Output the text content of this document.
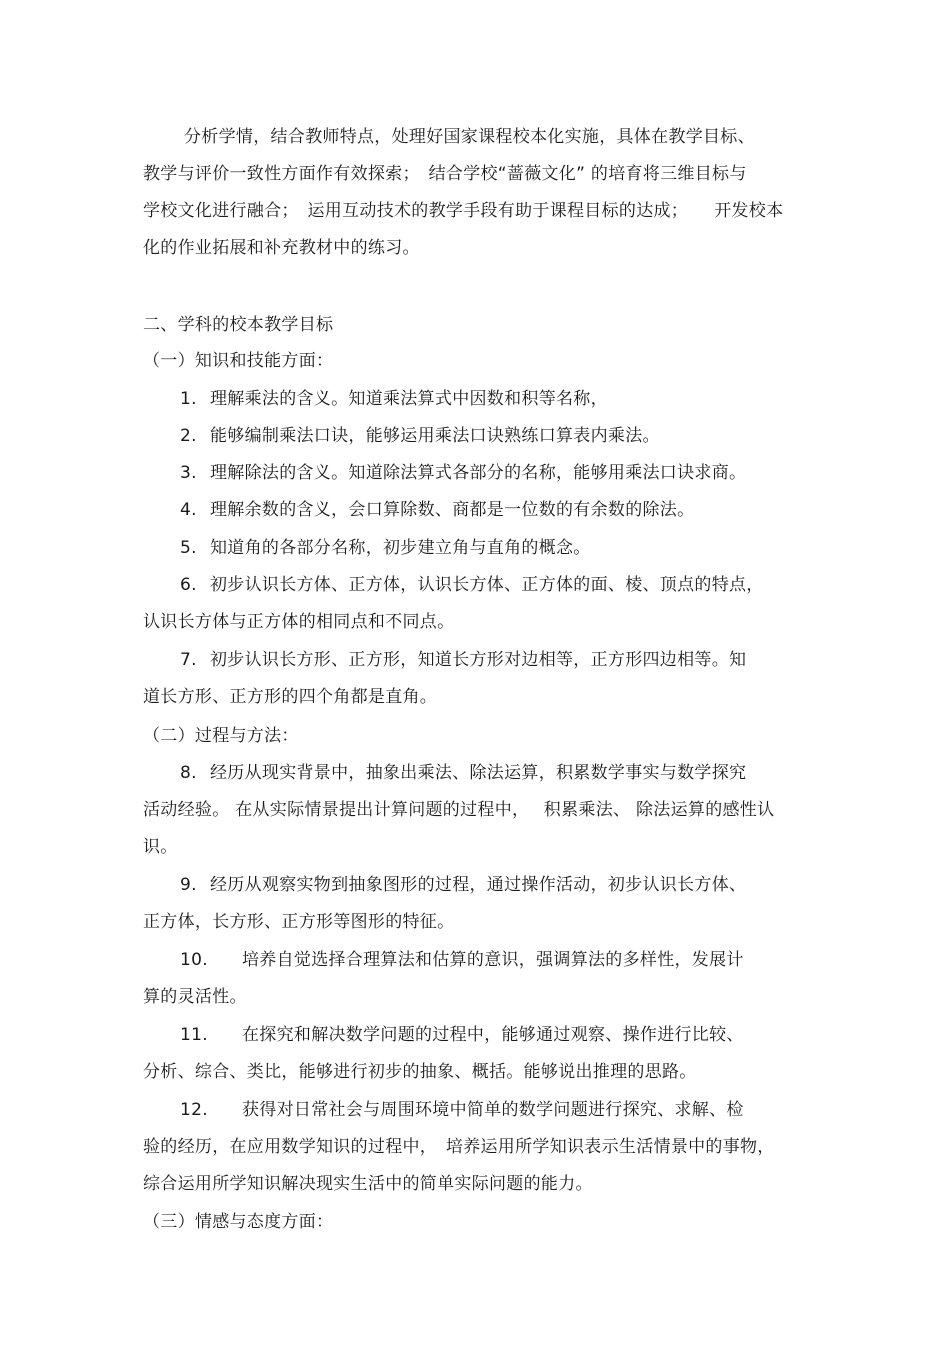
分析学情，结合教师特点，处理好国家课程校本化实施，具体在教学目标、
教学与评价一致性方面作有效探索；　结合学校“蔷薇文化” 的培育将三维目标与
学校文化进行融合；　运用互动技术的教学手段有助于课程目标的达成；　　开发校本
化的作业拓展和补充教材中的练习。
二、学科的校本教学目标
（一）知识和技能方面：
1. 理解乘法的含义。知道乘法算式中因数和积等名称，
2. 能够编制乘法口诀，能够运用乘法口诀熟练口算表内乘法。
3. 理解除法的含义。知道除法算式各部分的名称，能够用乘法口诀求商。
4. 理解余数的含义，会口算除数、商都是一位数的有余数的除法。
5. 知道角的各部分名称，初步建立角与直角的概念。
6. 初步认识长方体、正方体，认识长方体、正方体的面、棱、顶点的特点，
认识长方体与正方体的相同点和不同点。
7. 初步认识长方形、正方形，知道长方形对边相等，正方形四边相等。知
道长方形、正方形的四个角都是直角。
（二）过程与方法：
8. 经历从现实背景中，抽象出乘法、除法运算，积累数学事实与数学探究
活动经验。 在从实际情景提出计算问题的过程中，　 积累乘法、 除法运算的感性认
识。
9. 经历从观察实物到抽象图形的过程，通过操作活动，初步认识长方体、
正方体，长方形、正方形等图形的特征。
10. 培养自觉选择合理算法和估算的意识，强调算法的多样性，发展计
算的灵活性。
11. 在探究和解决数学问题的过程中，能够通过观察、操作进行比较、
分析、综合、类比，能够进行初步的抽象、概括。能够说出推理的思路。
12. 获得对日常社会与周围环境中简单的数学问题进行探究、求解、检
验的经历，在应用数学知识的过程中，　培养运用所学知识表示生活情景中的事物，
综合运用所学知识解决现实生活中的简单实际问题的能力。
（三）情感与态度方面：
